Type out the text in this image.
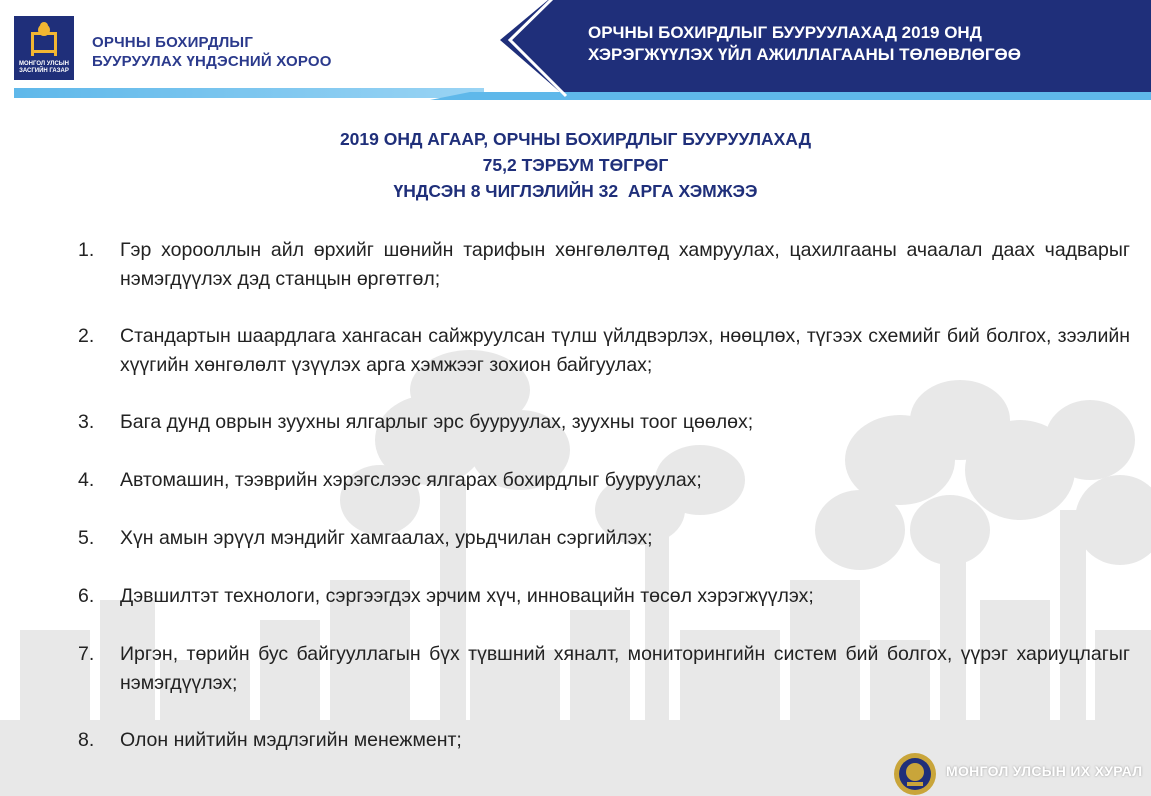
МОНГОЛ УЛСЫН ЗАСГИЙН ГАЗАР
ОРЧНЫ БОХИРДЛЫГ
БУУРУУЛАХ ҮНДЭСНИЙ ХОРОО
ОРЧНЫ БОХИРДЛЫГ БУУРУУЛАХАД 2019 ОНД
ХЭРЭГЖҮҮЛЭХ ҮЙЛ АЖИЛЛАГААНЫ ТӨЛӨВЛӨГӨӨ
2019 ОНД АГААР, ОРЧНЫ БОХИРДЛЫГ БУУРУУЛАХАД
75,2 ТЭРБУМ ТӨГРӨГ
ҮНДСЭН 8 ЧИГЛЭЛИЙН 32  АРГА ХЭМЖЭЭ
1. Гэр хорооллын айл өрхийг шөнийн тарифын хөнгөлөлтөд хамруулах, цахилгааны ачаалал даах чадварыг нэмэгдүүлэх дэд станцын өргөтгөл;
2. Стандартын шаардлага хангасан сайжруулсан түлш үйлдвэрлэх, нөөцлөх, түгээх схемийг бий болгох, зээлийн хүүгийн хөнгөлөлт үзүүлэх арга хэмжээг зохион байгуулах;
3. Бага дунд оврын зуухны ялгарлыг эрс бууруулах, зуухны тоог цөөлөх;
4. Автомашин, тээврийн хэрэгслээс ялгарах бохирдлыг бууруулах;
5. Хүн амын эрүүл мэндийг хамгаалах, урьдчилан сэргийлэх;
6. Дэвшилтэт технологи, сэргээгдэх эрчим хүч, инновацийн төсөл хэрэгжүүлэх;
7. Иргэн, төрийн бус байгууллагын бүх түвшний хяналт, мониторингийн систем бий болгох, үүрэг хариуцлагыг нэмэгдүүлэх;
8. Олон нийтийн мэдлэгийн менежмент;
МОНГОЛ УЛСЫН ИХ ХУРАЛ
